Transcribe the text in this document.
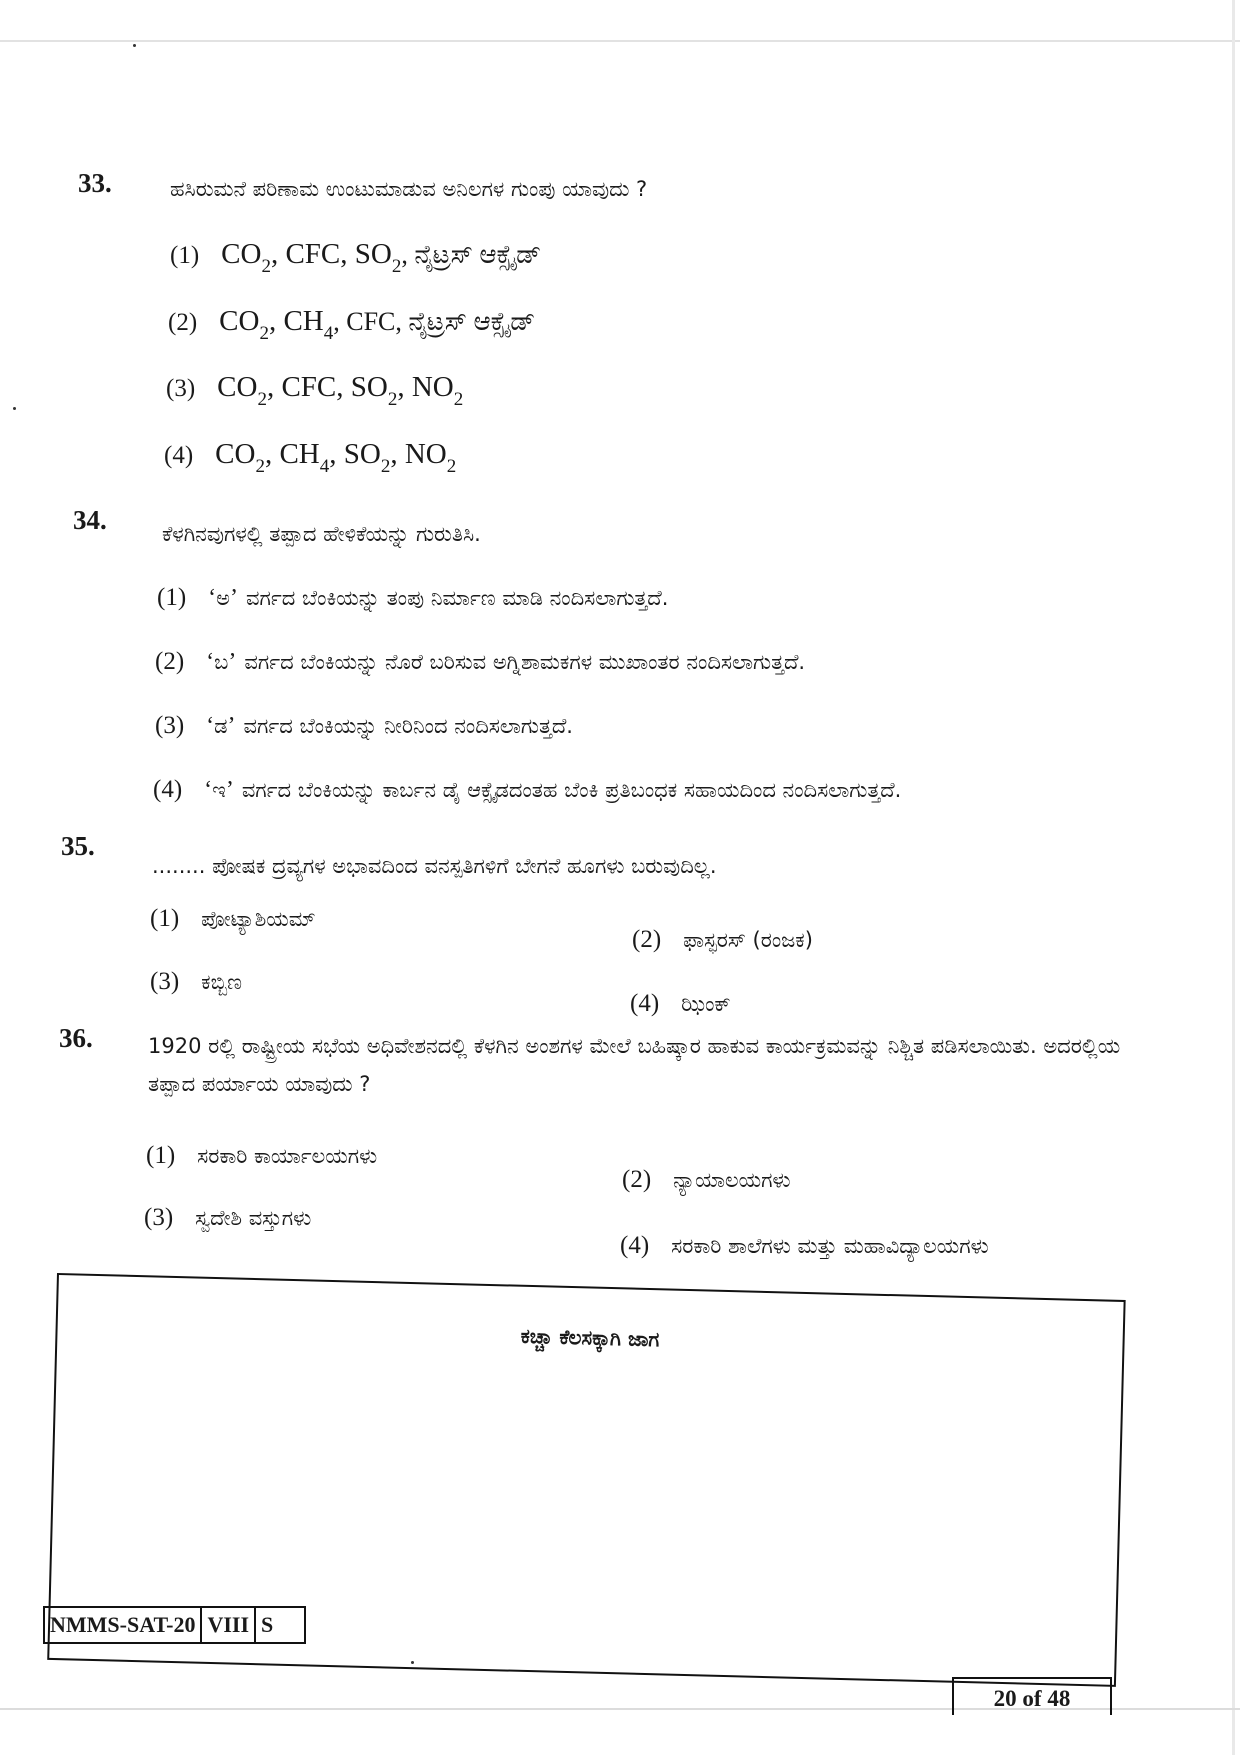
33.	ಹಸಿರುಮನೆ ಪರಿಣಾಮ ಉಂಟುಮಾಡುವ ಅನಿಲಗಳ ಗುಂಪು ಯಾವುದು ?
(1) CO 2 , CFC, SO 2 , ನೈಟ್ರಸ್ ಆಕ್ಸೈಡ್
(2) CO 2 , CH 4 , CFC, ನೈಟ್ರಸ್ ಆಕ್ಸೈಡ್
(3) CO 2 , CFC, SO 2 , NO 2
(4) CO 2 , CH 4 , SO 2 , NO 2
34.	ಕೆಳಗಿನವುಗಳಲ್ಲಿ ತಪ್ಪಾದ ಹೇಳಿಕೆಯನ್ನು ಗುರುತಿಸಿ.
(1) ‘ ಅ ’ ವರ್ಗದ ಬೆಂಕಿಯನ್ನು ತಂಪು ನಿರ್ಮಾಣ ಮಾಡಿ ನಂದಿಸಲಾಗುತ್ತದೆ.
(2) ‘ ಬ ’ ವರ್ಗದ ಬೆಂಕಿಯನ್ನು ನೊರೆ ಬರಿಸುವ ಅಗ್ನಿಶಾಮಕಗಳ ಮುಖಾಂತರ ನಂದಿಸಲಾಗುತ್ತದೆ.
(3) ‘ ಡ ’ ವರ್ಗದ ಬೆಂಕಿಯನ್ನು ನೀರಿನಿಂದ ನಂದಿಸಲಾಗುತ್ತದೆ.
(4) ‘ ಇ ’ ವರ್ಗದ ಬೆಂಕಿಯನ್ನು ಕಾರ್ಬನ ಡೈ ಆಕ್ಸೈಡದಂತಹ ಬೆಂಕಿ ಪ್ರತಿಬಂಧಕ ಸಹಾಯದಿಂದ ನಂದಿಸಲಾಗುತ್ತದೆ.
35.
........ ಪೋಷಕ ದ್ರವ್ಯಗಳ ಅಭಾವದಿಂದ ವನಸ್ಪತಿಗಳಿಗೆ ಬೇಗನೆ ಹೂಗಳು ಬರುವುದಿಲ್ಲ.
(1) ಪೋಟ್ಯಾಶಿಯಮ್
(2) ಫಾಸ್ಫರಸ್ (ರಂಜಕ)
(3) ಕಬ್ಬಿಣ
(4) ಝಿಂಕ್
36.	1920 ರಲ್ಲಿ ರಾಷ್ಟ್ರೀಯ ಸಭೆಯ ಅಧಿವೇಶನದಲ್ಲಿ ಕೆಳಗಿನ ಅಂಶಗಳ ಮೇಲೆ ಬಹಿಷ್ಕಾರ ಹಾಕುವ ಕಾರ್ಯಕ್ರಮವನ್ನು ನಿಶ್ಚಿತ ಪಡಿಸಲಾಯಿತು. ಅದರಲ್ಲಿಯ ತಪ್ಪಾದ ಪರ್ಯಾಯ ಯಾವುದು ?
(1) ಸರಕಾರಿ ಕಾರ್ಯಾಲಯಗಳು
(2) ನ್ಯಾಯಾಲಯಗಳು
(3) ಸ್ವದೇಶಿ ವಸ್ತುಗಳು
(4) ಸರಕಾರಿ ಶಾಲೆಗಳು ಮತ್ತು ಮಹಾವಿದ್ಯಾಲಯಗಳು
ಕಚ್ಚಾ ಕೆಲಸಕ್ಕಾಗಿ ಜಾಗ
NMMS-SAT-20 VIII S
20 of 48
